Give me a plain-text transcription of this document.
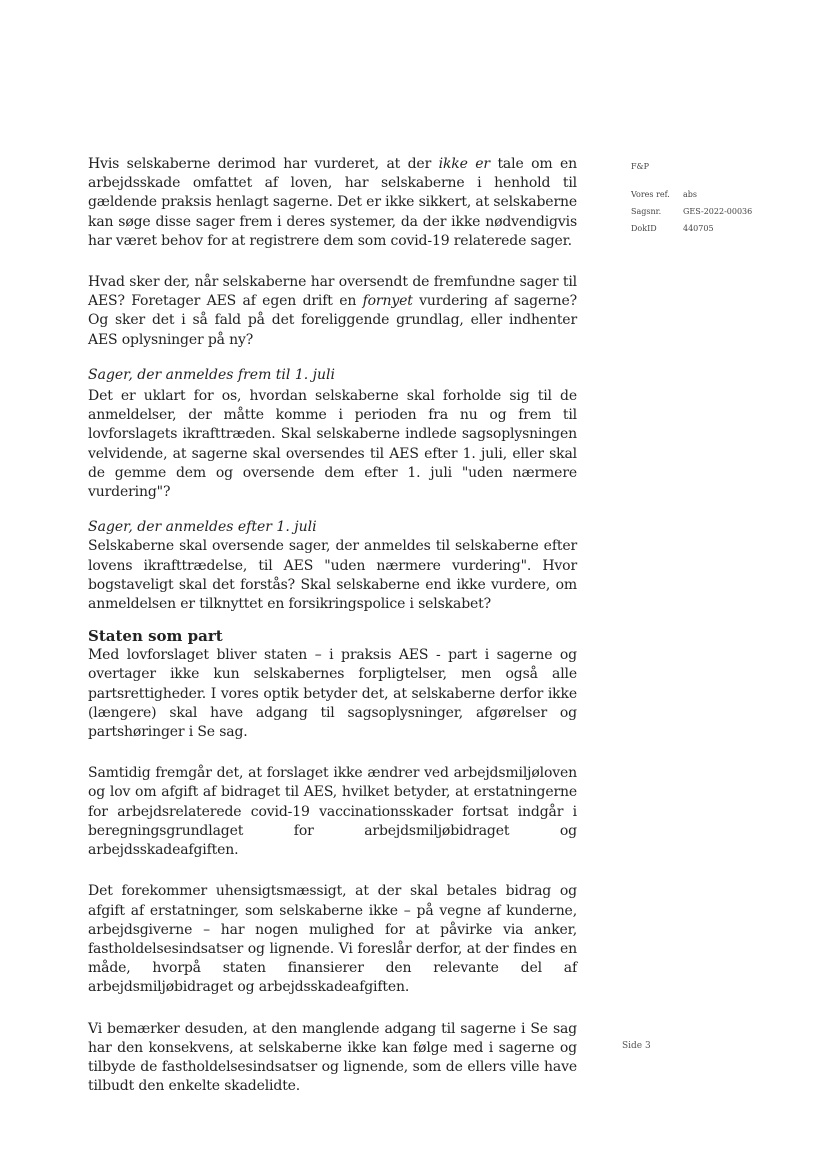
F&P
Vores ref.	abs
Sagsnr.	GES-2022-00036
DokID	440705

Hvis selskaberne derimod har vurderet, at der ikke er tale om en arbejdsskade omfattet af loven, har selskaberne i henhold til gældende praksis henlagt sagerne. Det er ikke sikkert, at selskaberne kan søge disse sager frem i deres systemer, da der ikke nødvendigvis har været behov for at registrere dem som covid-19 relaterede sager.

Hvad sker der, når selskaberne har oversendt de fremfundne sager til AES? Foretager AES af egen drift en fornyet vurdering af sagerne? Og sker det i så fald på det foreliggende grundlag, eller indhenter AES oplysninger på ny?

Sager, der anmeldes frem til 1. juli

Det er uklart for os, hvordan selskaberne skal forholde sig til de anmeldelser, der måtte komme i perioden fra nu og frem til lovforslagets ikrafttræden. Skal selskaberne indlede sagsoplysningen velvidende, at sagerne skal oversendes til AES efter 1. juli, eller skal de gemme dem og oversende dem efter 1. juli "uden nærmere vurdering"?

Sager, der anmeldes efter 1. juli

Selskaberne skal oversende sager, der anmeldes til selskaberne efter lovens ikrafttrædelse, til AES "uden nærmere vurdering". Hvor bogstaveligt skal det forstås? Skal selskaberne end ikke vurdere, om anmeldelsen er tilknyttet en forsikringspolice i selskabet?

Staten som part

Med lovforslaget bliver staten – i praksis AES - part i sagerne og overtager ikke kun selskabernes forpligtelser, men også alle partsrettigheder. I vores optik betyder det, at selskaberne derfor ikke (længere) skal have adgang til sagsoplysninger, afgørelser og partshøringer i Se sag.

Samtidig fremgår det, at forslaget ikke ændrer ved arbejdsmiljøloven og lov om afgift af bidraget til AES, hvilket betyder, at erstatningerne for arbejdsrelaterede covid-19 vaccinationsskader fortsat indgår i beregningsgrundlaget for arbejdsmiljøbidraget og arbejdsskadeafgiften.

Det forekommer uhensigtsmæssigt, at der skal betales bidrag og afgift af erstatninger, som selskaberne ikke – på vegne af kunderne, arbejdsgiverne – har nogen mulighed for at påvirke via anker, fastholdelsesindsatser og lignende. Vi foreslår derfor, at der findes en måde, hvorpå staten finansierer den relevante del af arbejdsmiljøbidraget og arbejdsskadeafgiften.

Vi bemærker desuden, at den manglende adgang til sagerne i Se sag har den konsekvens, at selskaberne ikke kan følge med i sagerne og tilbyde de fastholdelsesindsatser og lignende, som de ellers ville have tilbudt den enkelte skadelidte.

Side 3
